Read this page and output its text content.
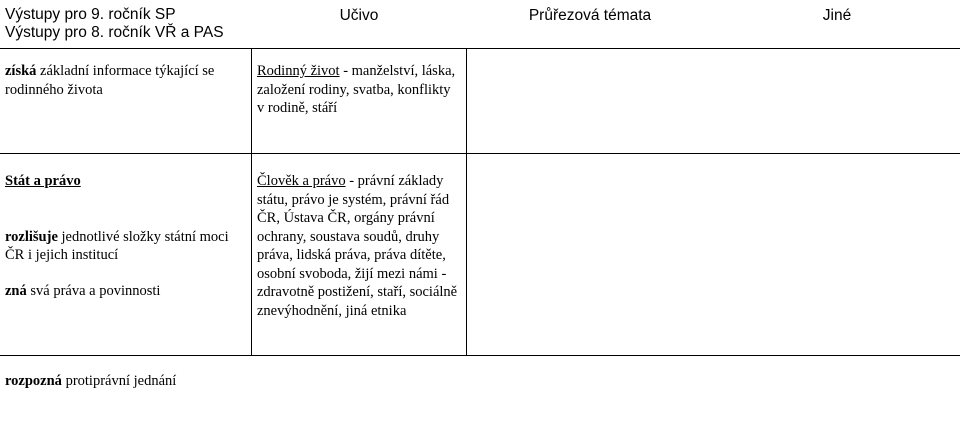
Výstupy pro 9. ročník SP
Výstupy pro 8. ročník VŘ a PAS
Učivo	Průřezová témata	Jiné
získá základní informace týkající se rodinného života
Rodinný život - manželství, láska, založení rodiny, svatba, konflikty v rodině, stáří
Stát a právo
rozlišuje jednotlivé složky státní moci ČR i jejich institucí
zná svá práva a povinnosti
Člověk a právo - právní základy státu, právo je systém, právní řád ČR, Ústava ČR, orgány právní ochrany, soustava soudů, druhy práva, lidská práva, práva dítěte, osobní svoboda, žijí mezi námi - zdravotně postižení, staří, sociálně znevýhodnění, jiná etnika
rozpozná protiprávní jednání
